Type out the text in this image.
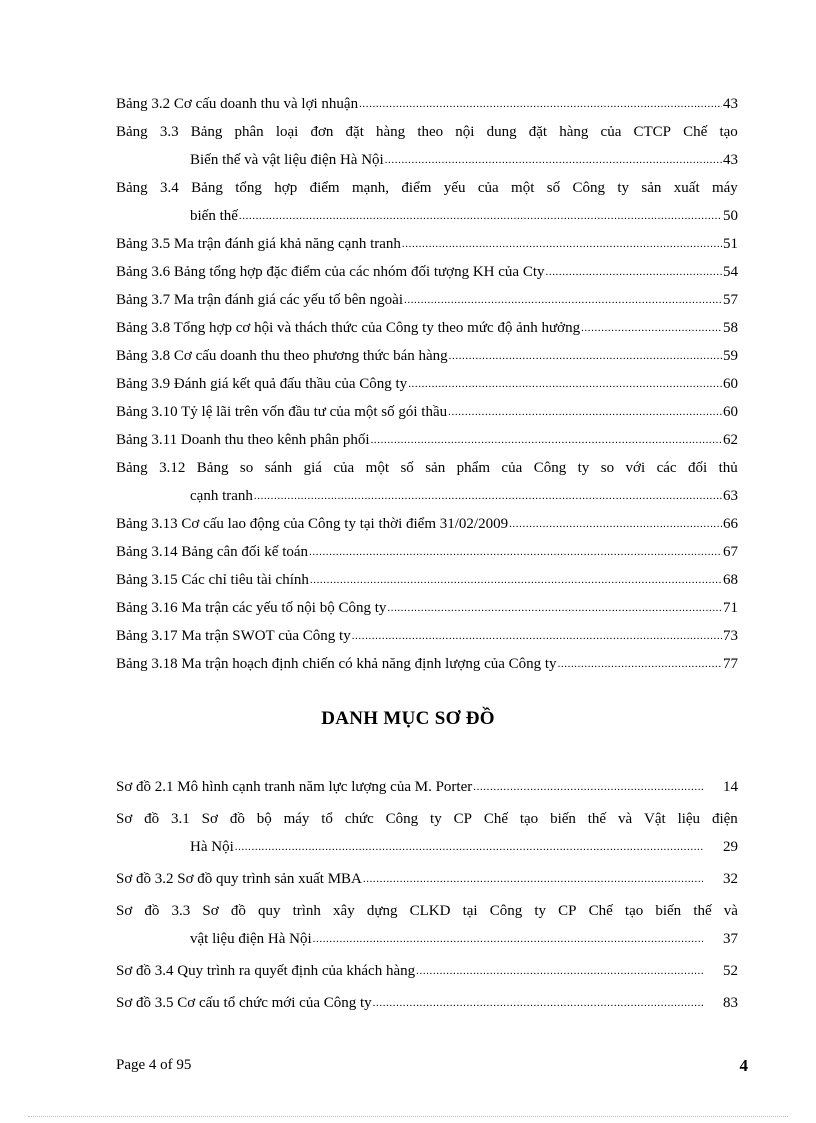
Bảng 3.2 Cơ cấu doanh thu và lợi nhuận .....	43
Bảng 3.3 Bảng phân loại đơn đặt hàng theo nội dung đặt hàng của CTCP Chế tạo
Biến thế và vật liệu điện Hà Nội .....	43
Bảng 3.4 Bảng tổng hợp điểm mạnh, điểm yếu của một số Công ty sản xuất máy
biến thế .....	50
Bảng 3.5 Ma trận đánh giá khả năng cạnh tranh .....	51
Bảng 3.6 Bảng tổng hợp đặc điểm của các nhóm đối tượng KH của Cty .....	54
Bảng 3.7 Ma trận đánh giá các yếu tố bên ngoài .....	57
Bảng 3.8 Tổng hợp cơ hội và thách thức của Công ty theo mức độ ảnh hưởng .....	58
Bảng 3.8 Cơ cấu doanh thu theo phương thức bán hàng .....	59
Bảng 3.9 Đánh giá kết quả đấu thầu của Công ty .....	60
Bảng 3.10 Tỷ lệ lãi trên vốn đầu tư của một số gói thầu .....	60
Bảng 3.11 Doanh thu theo kênh phân phối .....	62
Bảng 3.12 Bảng so sánh giá của một số sản phẩm của Công ty so với các đối thủ
cạnh tranh .....	63
Bảng 3.13 Cơ cấu lao động của Công ty tại thời điểm 31/02/2009 .....	66
Bảng 3.14 Bảng cân đối kế toán .....	67
Bảng 3.15 Các chỉ tiêu tài chính .....	68
Bảng 3.16 Ma trận các yếu tố nội bộ Công ty .....	71
Bảng 3.17 Ma trận SWOT của Công ty .....	73
Bảng 3.18 Ma trận hoạch định chiến có khả năng định lượng của Công ty .....	77
DANH MỤC SƠ ĐỒ
Sơ đồ 2.1 Mô hình cạnh tranh năm lực lượng của M. Porter .....	14
Sơ đồ 3.1 Sơ đồ bộ máy tổ chức Công ty CP Chế tạo biến thế và Vật liệu điện
Hà Nội .....	29
Sơ đồ 3.2 Sơ đồ quy trình sản xuất MBA .....	32
Sơ đồ 3.3 Sơ đồ quy trình xây dựng CLKD tại Công ty CP Chế tạo biến thế và
vật liệu điện Hà Nội .....	37
Sơ đồ 3.4 Quy trình ra quyết định của khách hàng .....	52
Sơ đồ 3.5 Cơ cấu tổ chức mới của Công ty .....	83
Page 4 of 95	4
